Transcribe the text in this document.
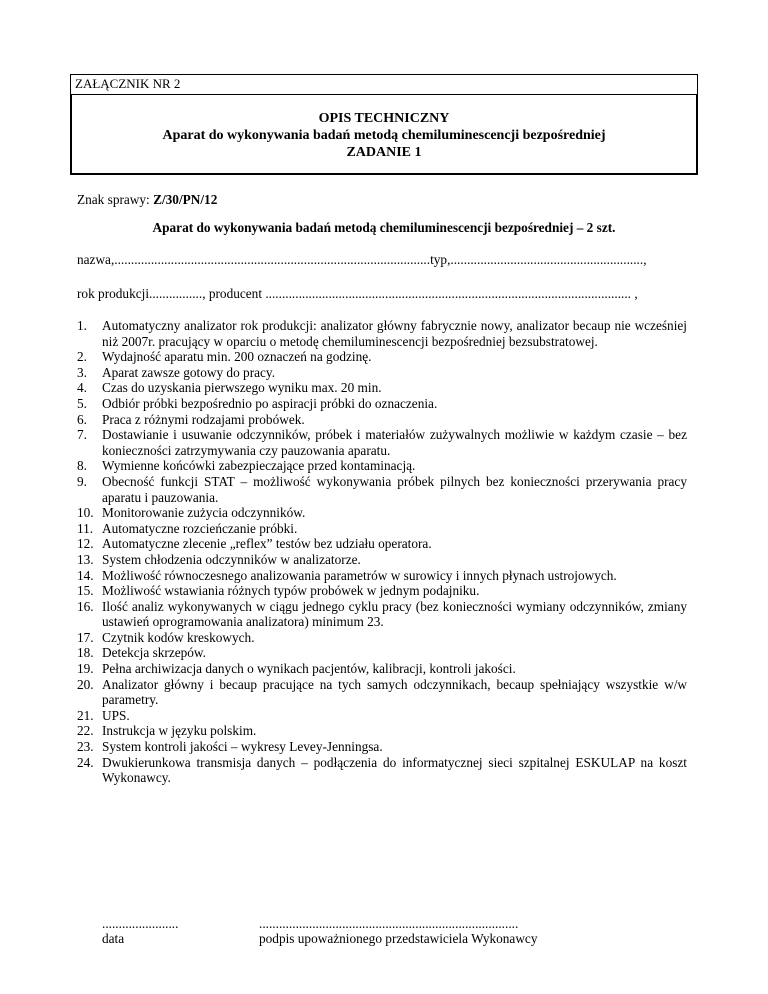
ZAŁĄCZNIK NR 2
OPIS TECHNICZNY
Aparat do wykonywania badań metodą chemiluminescencji bezpośredniej
ZADANIE 1
Znak sprawy: Z/30/PN/12
Aparat do wykonywania badań metodą chemiluminescencji bezpośredniej – 2 szt.
nazwa,...............................................................................................typ,..........................................................,
rok produkcji................, producent .............................................................................................................. ,
1. Automatyczny analizator rok produkcji: analizator główny fabrycznie nowy, analizator becaup nie wcześniej niż 2007r. pracujący w oparciu o metodę chemiluminescencji bezpośredniej bezsubstratowej.
2. Wydajność aparatu min. 200 oznaczeń na godzinę.
3. Aparat zawsze gotowy do pracy.
4. Czas do uzyskania pierwszego wyniku max. 20 min.
5. Odbiór próbki bezpośrednio po aspiracji próbki do oznaczenia.
6. Praca z różnymi rodzajami probówek.
7. Dostawianie i usuwanie odczynników, próbek i materiałów zużywalnych możliwie w każdym czasie – bez konieczności zatrzymywania czy pauzowania aparatu.
8. Wymienne końcówki zabezpieczające przed kontaminacją.
9. Obecność funkcji STAT – możliwość wykonywania próbek pilnych bez konieczności przerywania pracy aparatu i pauzowania.
10. Monitorowanie zużycia odczynników.
11. Automatyczne rozcieńczanie próbki.
12. Automatyczne zlecenie „reflex” testów bez udziału operatora.
13. System chłodzenia odczynników w analizatorze.
14. Możliwość równoczesnego analizowania parametrów w surowicy i innych płynach ustrojowych.
15. Możliwość wstawiania różnych typów probówek w jednym podajniku.
16. Ilość analiz wykonywanych w ciągu jednego cyklu pracy (bez konieczności wymiany odczynników, zmiany ustawień oprogramowania analizatora) minimum 23.
17. Czytnik kodów kreskowych.
18. Detekcja skrzepów.
19. Pełna archiwizacja danych o wynikach pacjentów, kalibracji, kontroli jakości.
20. Analizator główny i becaup pracujące na tych samych odczynnikach, becaup spełniający wszystkie w/w parametry.
21. UPS.
22. Instrukcja w języku polskim.
23. System kontroli jakości – wykresy Levey-Jenningsa.
24. Dwukierunkowa transmisja danych – podłączenia do informatycznej sieci szpitalnej ESKULAP na koszt Wykonawcy.
.......................
data
..............................................................................
podpis upoważnionego przedstawiciela Wykonawcy
